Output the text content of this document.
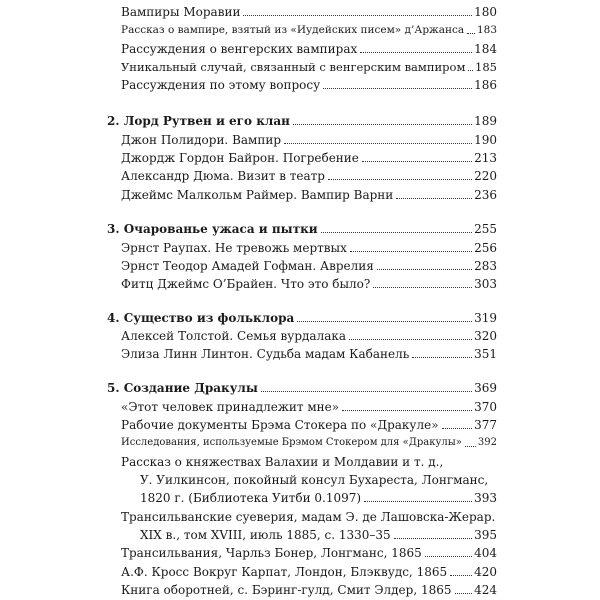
Вампиры Моравии	180
Рассказ о вампире, взятый из «Иудейских писем» д’Аржанса 183
Рассуждения о венгерских вампирах	184
Уникальный случай, связанный с венгерским вампиром 185
Рассуждения по этому вопросу	186
2. Лорд Рутвен и его клан	189
Джон Полидори. Вампир	190
Джордж Гордон Байрон. Погребение	213
Александр Дюма. Визит в театр	220
Джеймс Малкольм Раймер. Вампир Варни	236
3. Очарованье ужаса и пытки	255
Эрнст Раупах. Не тревожь мертвых	256
Эрнст Теодор Амадей Гофман. Аврелия	283
Фитц Джеймс О’Брайен. Что это было?	303
4. Существо из фольклора	319
Алексей Толстой. Семья вурдалака	320
Элиза Линн Линтон. Судьба мадам Кабанель	351
5. Создание Дракулы	369
«Этот человек принадлежит мне»	370
Рабочие документы Брэма Стокера по «Дракуле»	377
Исследования, используемые Брэмом Стокером для «Дракулы» 392
Рассказ о княжествах Валахии и Молдавии и т. д.,
У. Уилкинсон, покойный консул Бухареста, Лонгманс,
1820 г. (Библиотека Уитби 0.1097)	393
Трансильванские суеверия, мадам Э. де Лашовска-Жерар.
XIX в., том XVIII, июль 1885, с. 1330–35	395
Трансильвания, Чарльз Бонер, Лонгманс, 1865	404
А.Ф. Кросс Вокруг Карпат, Лондон, Блэквудс, 1865 420
Книга оборотней, с. Бэринг-гулд, Смит Элдер, 1865 424
